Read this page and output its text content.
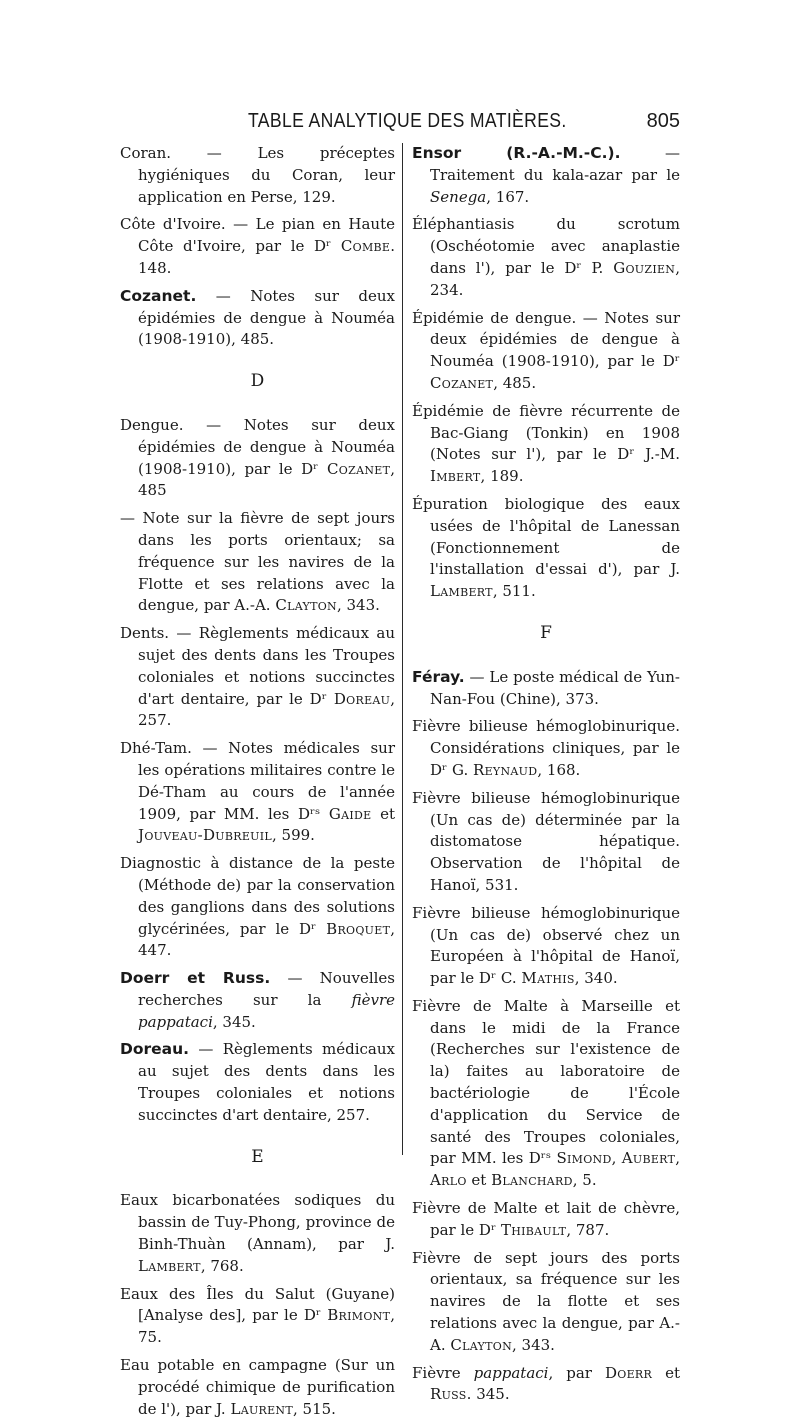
TABLE ANALYTIQUE DES MATIÈRES.	805

Coran. — Les préceptes hygiéniques du Coran, leur application en Perse, 129.

Côte d'Ivoire. — Le pian en Haute Côte d'Ivoire, par le Dʳ Combe. 148.

Cozanet. — Notes sur deux épidémies de dengue à Nouméa (1908-1910), 485.

D

Dengue. — Notes sur deux épidémies de dengue à Nouméa (1908-1910), par le Dʳ Cozanet, 485

— Note sur la fièvre de sept jours dans les ports orientaux; sa fréquence sur les navires de la Flotte et ses relations avec la dengue, par A.-A. Clayton, 343.

Dents. — Règlements médicaux au sujet des dents dans les Troupes coloniales et notions succinctes d'art dentaire, par le Dʳ Doreau, 257.

Dhé-Tam. — Notes médicales sur les opérations militaires contre le Dé-Tham au cours de l'année 1909, par MM. les Dʳˢ Gaide et Jouveau-Dubreuil, 599.

Diagnostic à distance de la peste (Méthode de) par la conservation des ganglions dans des solutions glycérinées, par le Dʳ Broquet, 447.

Doerr et Russ. — Nouvelles recherches sur la fièvre pappataci, 345.

Doreau. — Règlements médicaux au sujet des dents dans les Troupes coloniales et notions succinctes d'art dentaire, 257.

E

Eaux bicarbonatées sodiques du bassin de Tuy-Phong, province de Binh-Thuàn (Annam), par J. Lambert, 768.

Eaux des Îles du Salut (Guyane) [Analyse des], par le Dʳ Brimont, 75.

Eau potable en campagne (Sur un procédé chimique de purification de l'), par J. Laurent, 515.

Ensor (R.-A.-M.-C.). — Traitement du kala-azar par le Senega, 167.

Éléphantiasis du scrotum (Oschéotomie avec anaplastie dans l'), par le Dʳ P. Gouzien, 234.

Épidémie de dengue. — Notes sur deux épidémies de dengue à Nouméa (1908-1910), par le Dʳ Cozanet, 485.

Épidémie de fièvre récurrente de Bac-Giang (Tonkin) en 1908 (Notes sur l'), par le Dʳ J.-M. Imbert, 189.

Épuration biologique des eaux usées de l'hôpital de Lanessan (Fonctionnement de l'installation d'essai d'), par J. Lambert, 511.

F

Féray. — Le poste médical de Yun-Nan-Fou (Chine), 373.

Fièvre bilieuse hémoglobinurique. Considérations cliniques, par le Dʳ G. Reynaud, 168.

Fièvre bilieuse hémoglobinurique (Un cas de) déterminée par la distomatose hépatique. Observation de l'hôpital de Hanoï, 531.

Fièvre bilieuse hémoglobinurique (Un cas de) observé chez un Européen à l'hôpital de Hanoï, par le Dʳ C. Mathis, 340.

Fièvre de Malte à Marseille et dans le midi de la France (Recherches sur l'existence de la) faites au laboratoire de bactériologie de l'École d'application du Service de santé des Troupes coloniales, par MM. les Dʳˢ Simond, Aubert, Arlo et Blanchard, 5.

Fièvre de Malte et lait de chèvre, par le Dʳ Thibault, 787.

Fièvre de sept jours des ports orientaux, sa fréquence sur les navires de la flotte et ses relations avec la dengue, par A.-A. Clayton, 343.

Fièvre pappataci, par Doerr et Russ. 345.
